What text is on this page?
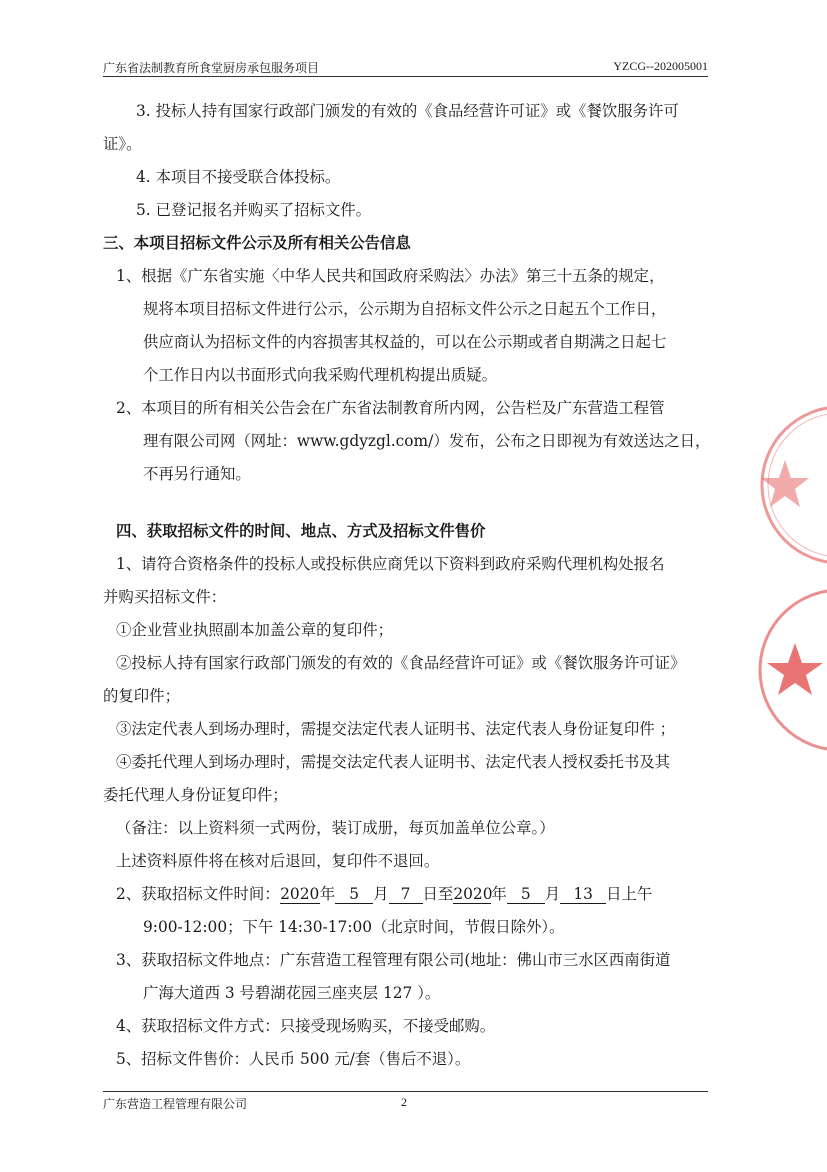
广东省法制教育所食堂厨房承包服务项目	YZCG--202005001
3. 投标人持有国家行政部门颁发的有效的《食品经营许可证》或《餐饮服务许可
证》。
4. 本项目不接受联合体投标。
5. 已登记报名并购买了招标文件。
三、本项目招标文件公示及所有相关公告信息
1、根据《广东省实施〈中华人民共和国政府采购法〉办法》第三十五条的规定，
规将本项目招标文件进行公示，公示期为自招标文件公示之日起五个工作日，
供应商认为招标文件的内容损害其权益的，可以在公示期或者自期满之日起七
个工作日内以书面形式向我采购代理机构提出质疑。
2、本项目的所有相关公告会在广东省法制教育所内网，公告栏及广东营造工程管
理有限公司网（网址：www.gdyzgl.com/）发布，公布之日即视为有效送达之日，
不再另行通知。
四、获取招标文件的时间、地点、方式及招标文件售价
1、请符合资格条件的投标人或投标供应商凭以下资料到政府采购代理机构处报名
并购买招标文件：
①企业营业执照副本加盖公章的复印件；
②投标人持有国家行政部门颁发的有效的《食品经营许可证》或《餐饮服务许可证》
的复印件；
③法定代表人到场办理时，需提交法定代表人证明书、法定代表人身份证复印件 ；
④委托代理人到场办理时，需提交法定代表人证明书、法定代表人授权委托书及其
委托代理人身份证复印件；
（备注：以上资料须一式两份，装订成册，每页加盖单位公章。）
上述资料原件将在核对后退回，复印件不退回。
2、获取招标文件时间：2020年 5 月 7 日至2020年 5 月 13 日上午
9:00-12:00；下午 14:30-17:00（北京时间，节假日除外）。
3、获取招标文件地点：广东营造工程管理有限公司(地址：佛山市三水区西南街道
广海大道西 3 号碧湖花园三座夹层 127 ）。
4、获取招标文件方式：只接受现场购买，不接受邮购。
5、招标文件售价：人民币 500 元/套（售后不退）。
广东营造工程管理有限公司	2
